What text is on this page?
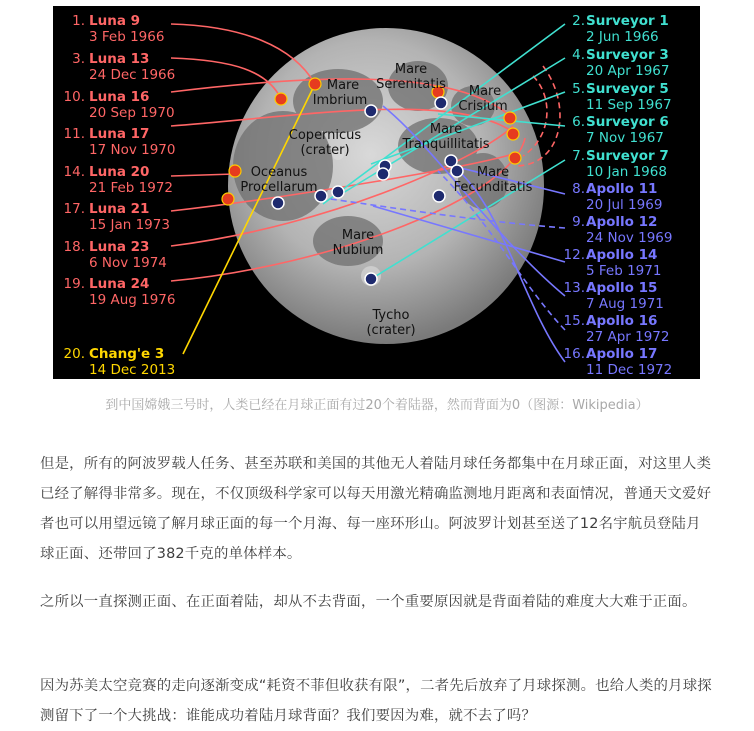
Mare Serenitatis
Mare Imbrium
Mare Crisium
Mare Tranquillitatis
Copernicus (crater)
Oceanus Procellarum
Mare Fecunditatis
Mare Nubium
Tycho (crater)
1. Luna 9
3 Feb 1966
3. Luna 13
24 Dec 1966
10. Luna 16
20 Sep 1970
11. Luna 17
17 Nov 1970
14. Luna 20
21 Feb 1972
17. Luna 21
15 Jan 1973
18. Luna 23
6 Nov 1974
19. Luna 24
19 Aug 1976
20. Chang'e 3
14 Dec 2013
2. Surveyor 1
2 Jun 1966
4. Surveyor 3
20 Apr 1967
5. Surveyor 5
11 Sep 1967
6. Surveyor 6
7 Nov 1967
7. Surveyor 7
10 Jan 1968
8. Apollo 11
20 Jul 1969
9. Apollo 12
24 Nov 1969
12. Apollo 14
5 Feb 1971
13. Apollo 15
7 Aug 1971
15. Apollo 16
27 Apr 1972
16. Apollo 17
11 Dec 1972
到中国嫦娥三号时，人类已经在月球正面有过20个着陆器，然而背面为0（图源：Wikipedia）

但是，所有的阿波罗载人任务、甚至苏联和美国的其他无人着陆月球任务都集中在月球正面，对这里人类已经了解得非常多。现在，不仅顶级科学家可以每天用激光精确监测地月距离和表面情况，普通天文爱好者也可以用望远镜了解月球正面的每一个月海、每一座环形山。阿波罗计划甚至送了12名宇航员登陆月球正面、还带回了382千克的单体样本。

之所以一直探测正面、在正面着陆，却从不去背面，一个重要原因就是背面着陆的难度大大难于正面。

因为苏美太空竞赛的走向逐渐变成“耗资不菲但收获有限”，二者先后放弃了月球探测。也给人类的月球探测留下了一个大挑战：谁能成功着陆月球背面？我们要因为难，就不去了吗？
